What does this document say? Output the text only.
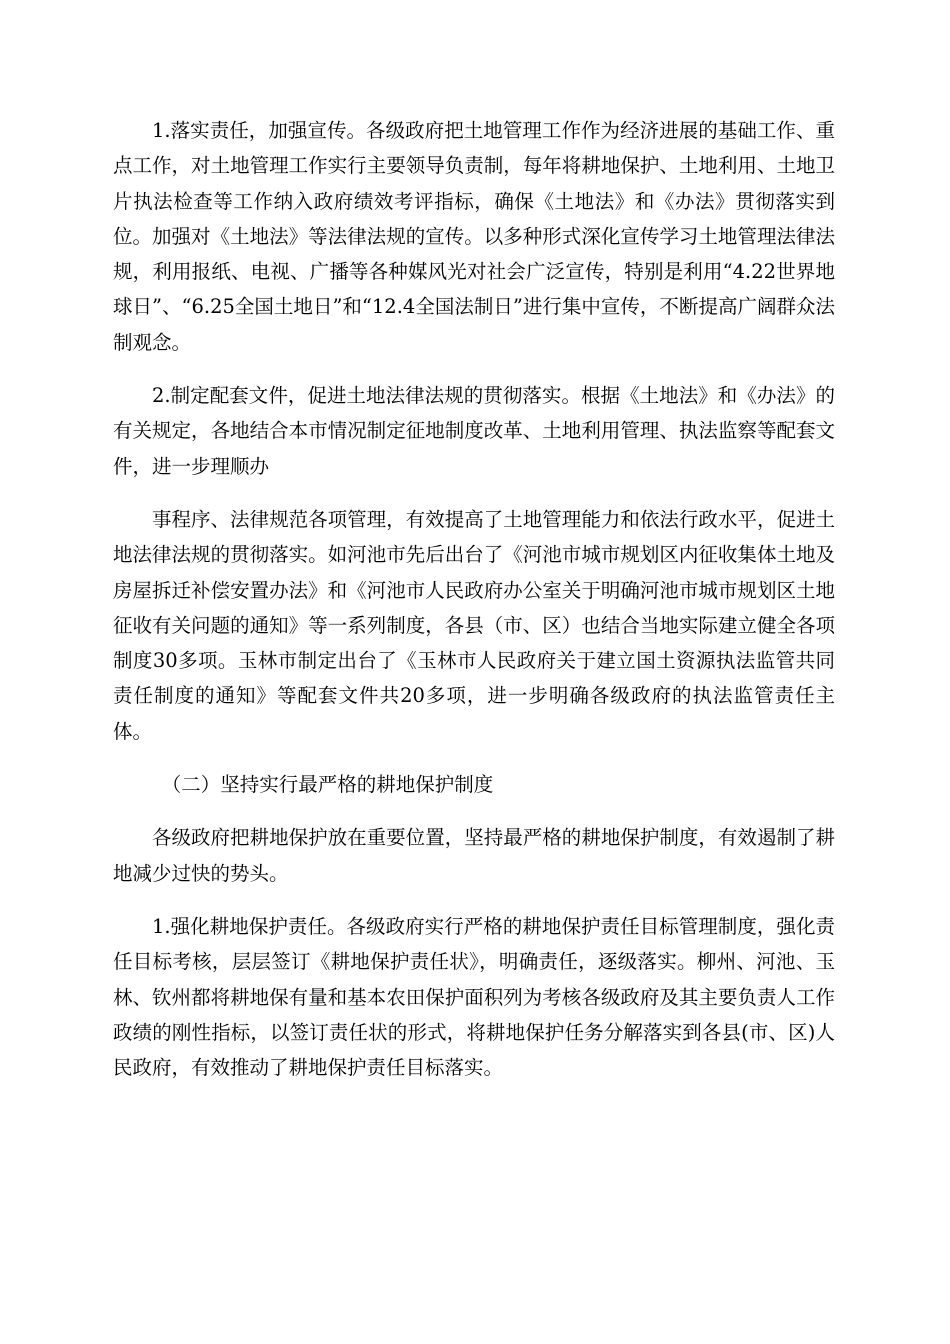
1.落实责任，加强宣传。各级政府把土地管理工作作为经济进展的基础工作、重点工作，对土地管理工作实行主要领导负责制，每年将耕地保护、土地利用、土地卫片执法检查等工作纳入政府绩效考评指标，确保《土地法》和《办法》贯彻落实到位。加强对《土地法》等法律法规的宣传。以多种形式深化宣传学习土地管理法律法规，利用报纸、电视、广播等各种媒风光对社会广泛宣传，特别是利用“4.22世界地球日”、“6.25全国土地日”和“12.4全国法制日”进行集中宣传，不断提高广阔群众法制观念。

2.制定配套文件，促进土地法律法规的贯彻落实。根据《土地法》和《办法》的有关规定，各地结合本市情况制定征地制度改革、土地利用管理、执法监察等配套文件，进一步理顺办

事程序、法律规范各项管理，有效提高了土地管理能力和依法行政水平，促进土地法律法规的贯彻落实。如河池市先后出台了《河池市城市规划区内征收集体土地及房屋拆迁补偿安置办法》和《河池市人民政府办公室关于明确河池市城市规划区土地征收有关问题的通知》等一系列制度，各县（市、区）也结合当地实际建立健全各项制度30多项。玉林市制定出台了《玉林市人民政府关于建立国土资源执法监管共同责任制度的通知》等配套文件共20多项，进一步明确各级政府的执法监管责任主体。

（二）坚持实行最严格的耕地保护制度

各级政府把耕地保护放在重要位置，坚持最严格的耕地保护制度，有效遏制了耕地减少过快的势头。

1.强化耕地保护责任。各级政府实行严格的耕地保护责任目标管理制度，强化责任目标考核，层层签订《耕地保护责任状》，明确责任，逐级落实。柳州、河池、玉林、钦州都将耕地保有量和基本农田保护面积列为考核各级政府及其主要负责人工作政绩的刚性指标，以签订责任状的形式，将耕地保护任务分解落实到各县(市、区)人民政府，有效推动了耕地保护责任目标落实。
